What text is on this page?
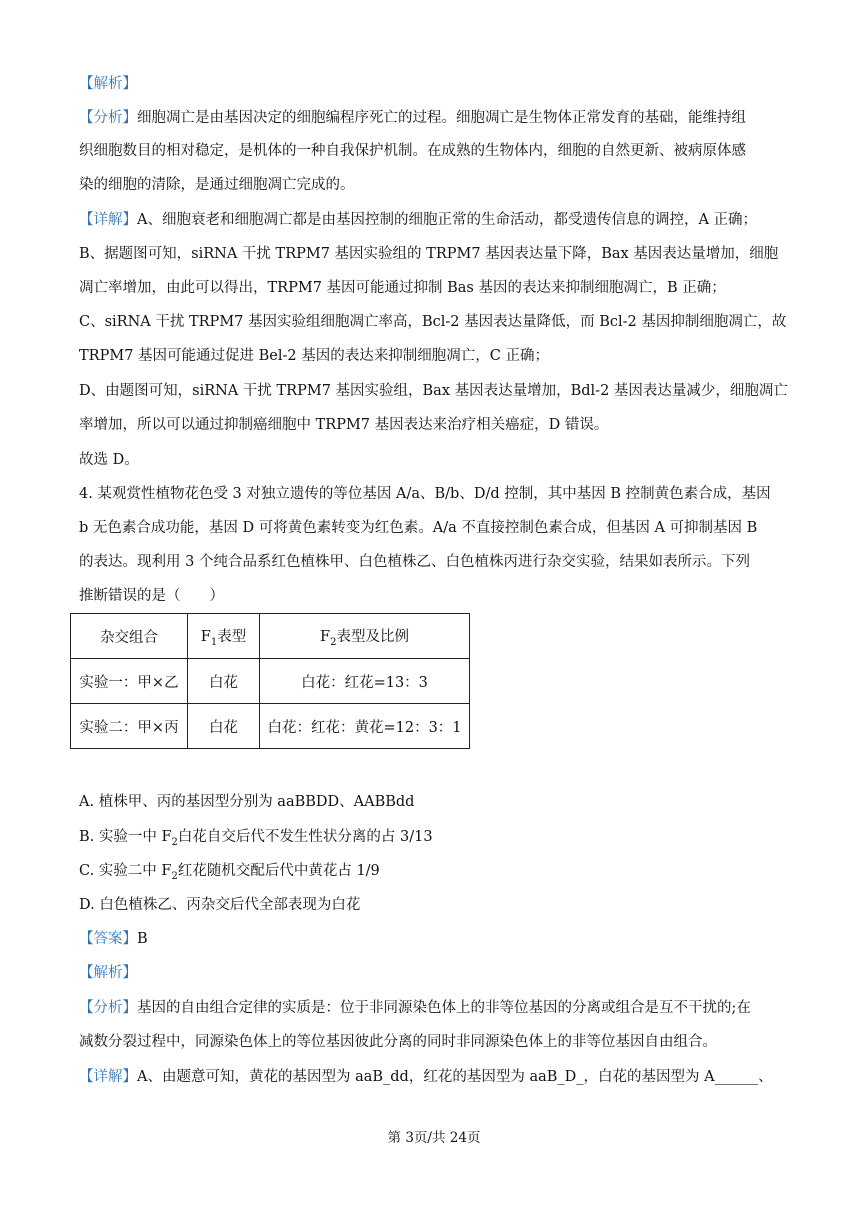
【解析】
【分析】细胞凋亡是由基因决定的细胞编程序死亡的过程。细胞凋亡是生物体正常发育的基础，能维持组
织细胞数目的相对稳定，是机体的一种自我保护机制。在成熟的生物体内，细胞的自然更新、被病原体感
染的细胞的清除，是通过细胞凋亡完成的。
【详解】A、细胞衰老和细胞凋亡都是由基因控制的细胞正常的生命活动，都受遗传信息的调控，A 正确；
B、据题图可知，siRNA 干扰 TRPM7 基因实验组的 TRPM7 基因表达量下降，Bax 基因表达量增加，细胞
凋亡率增加，由此可以得出，TRPM7 基因可能通过抑制 Bas 基因的表达来抑制细胞凋亡，B 正确；
C、siRNA 干扰 TRPM7 基因实验组细胞凋亡率高，Bcl-2 基因表达量降低，而 Bcl-2 基因抑制细胞凋亡，故
TRPM7 基因可能通过促进 Bel-2 基因的表达来抑制细胞凋亡，C 正确；
D、由题图可知，siRNA 干扰 TRPM7 基因实验组，Bax 基因表达量增加，Bdl-2 基因表达量减少，细胞凋亡
率增加，所以可以通过抑制癌细胞中 TRPM7 基因表达来治疗相关癌症，D 错误。
故选 D。
4. 某观赏性植物花色受 3 对独立遗传的等位基因 A/a、B/b、D/d 控制，其中基因 B 控制黄色素合成，基因
b 无色素合成功能，基因 D 可将黄色素转变为红色素。A/a 不直接控制色素合成，但基因 A 可抑制基因 B
的表达。现利用 3 个纯合品系红色植株甲、白色植株乙、白色植株丙进行杂交实验，结果如表所示。下列
推断错误的是（　　）
杂交组合	$F_1$表型	$F_2$表型及比例
实验一：甲×乙	白花	白花：红花=13：3
实验二：甲×丙	白花	白花：红花：黄花=12：3：1
A. 植株甲、丙的基因型分别为 aaBBDD、AABBdd
B. 实验一中 $F_2$白花自交后代不发生性状分离的占 3/13
C. 实验二中 $F_2$红花随机交配后代中黄花占 1/9
D. 白色植株乙、丙杂交后代全部表现为白花
【答案】B
【解析】
【分析】基因的自由组合定律的实质是：位于非同源染色体上的非等位基因的分离或组合是互不干扰的;在
减数分裂过程中，同源染色体上的等位基因彼此分离的同时非同源染色体上的非等位基因自由组合。
【详解】A、由题意可知，黄花的基因型为 aaB_dd，红花的基因型为 aaB_D_，白花的基因型为 A______、
第 3页/共 24页
